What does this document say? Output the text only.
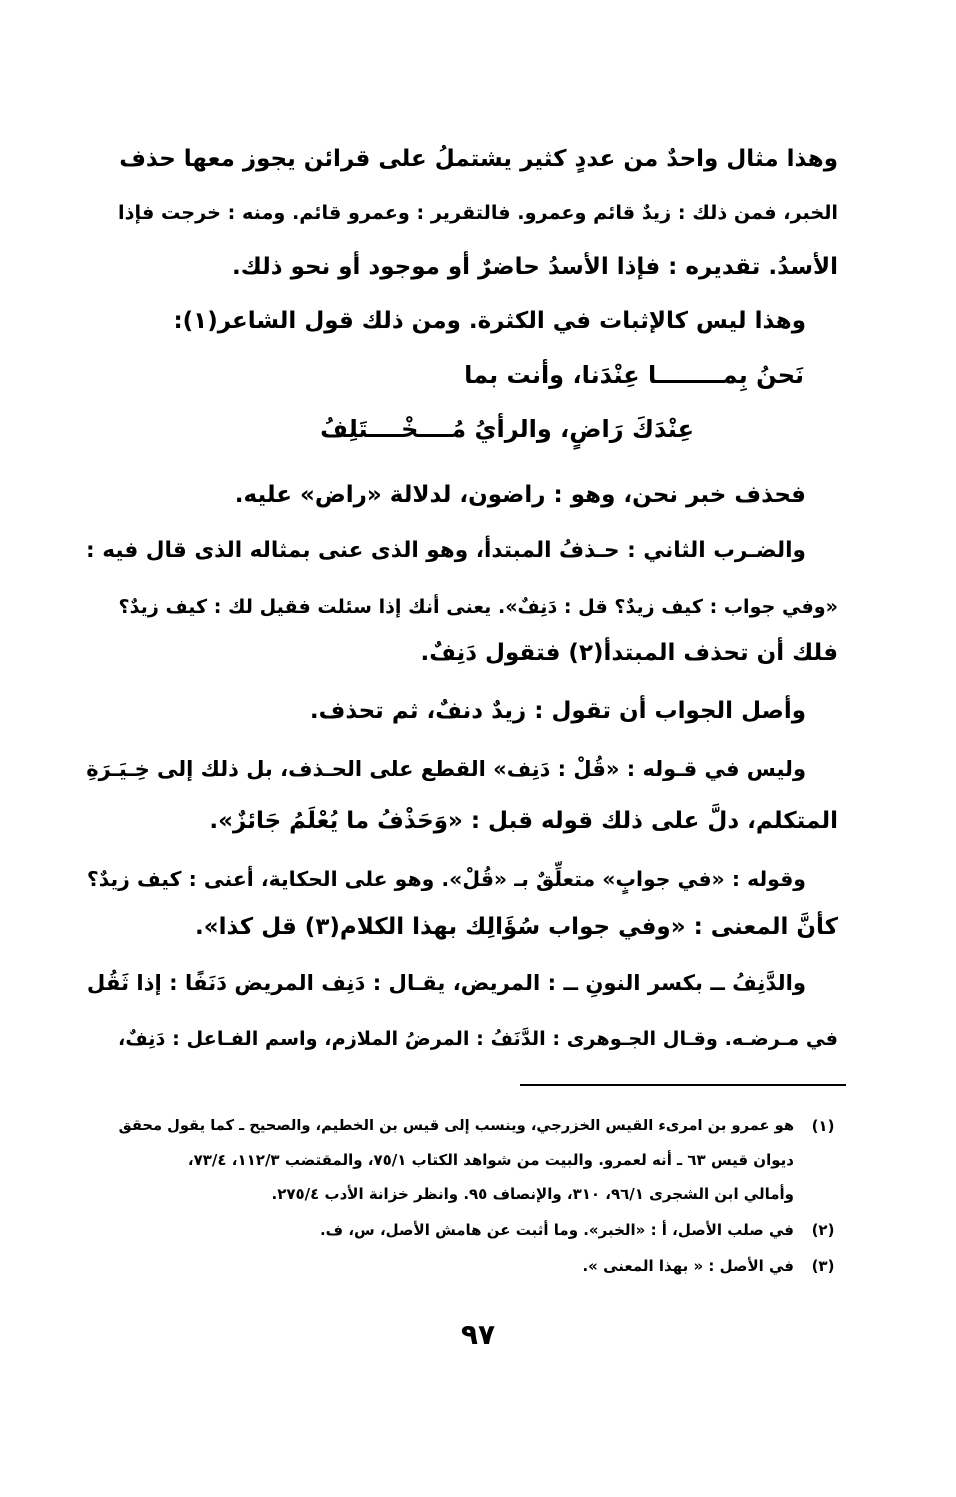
وهذا مثال واحدٌ من عددٍ كثير يشتملُ على قرائن يجوز معها حذف
الخبر، فمن ذلك : زيدٌ قائم وعمرو. فالتقرير : وعمرو قائم. ومنه : خرجت فإذا
الأسدُ. تقديره : فإذا الأسدُ حاضرٌ أو موجود أو نحو ذلك.
وهذا ليس كالإثبات في الكثرة. ومن ذلك قول الشاعر(١):
نَحنُ بِمــــــــا عِنْدَنا، وأنت بما
عِنْدَكَ رَاضٍ، والرأيُ مُــــخْــــتَلِفُ
فحذف خبر نحن، وهو : راضون، لدلالة «راض» عليه.
والضـرب الثاني : حـذفُ المبتدأ، وهو الذى عنى بمثاله الذى قال فيه :
«وفي جواب : كيف زيدٌ؟ قل : دَنِفٌ». يعنى أنك إذا سئلت فقيل لك : كيف زيدٌ؟
فلك أن تحذف المبتدأ(٢) فتقول دَنِفٌ.
وأصل الجواب أن تقول : زيدٌ دنفٌ، ثم تحذف.
وليس في قـوله : «قُلْ : دَنِف» القطع على الحـذف، بل ذلك إلى خِـيَـرَةِ
المتكلم، دلَّ على ذلك قوله قبل : «وَحَذْفُ ما يُعْلَمُ جَائزٌ».
وقوله : «في جوابٍ» متعلِّقٌ بـ «قُلْ». وهو على الحكاية، أعنى : كيف زيدٌ؟
كأنَّ المعنى : «وفي جواب سُؤَالِك بهذا الكلام(٣) قل كذا».
والدَّنِفُ ــ بكسر النونِ ــ : المريض، يقـال : دَنِف المريض دَنَفًا : إذا ثَقُل
في مـرضـه. وقـال الجـوهرى : الدَّنَفُ : المرضُ الملازم، واسم الفـاعل : دَنِفٌ،
(١)
هو عمرو بن امرىء القيس الخزرجي، وينسب إلى قيس بن الخطيم، والصحيح ـ كما يقول محقق
ديوان قيس ٦٣ ـ أنه لعمرو. والبيت من شواهد الكتاب ٧٥/١، والمقتضب ١١٢/٣، ٧٣/٤،
وأمالي ابن الشجرى ٩٦/١، ٣١٠، والإنصاف ٩٥. وانظر خزانة الأدب ٢٧٥/٤.
(٢)
في صلب الأصل، أ : «الخبر». وما أثبت عن هامش الأصل، س، ف.
(٣)
في الأصل : « بهذا المعنى ».
٩٧
